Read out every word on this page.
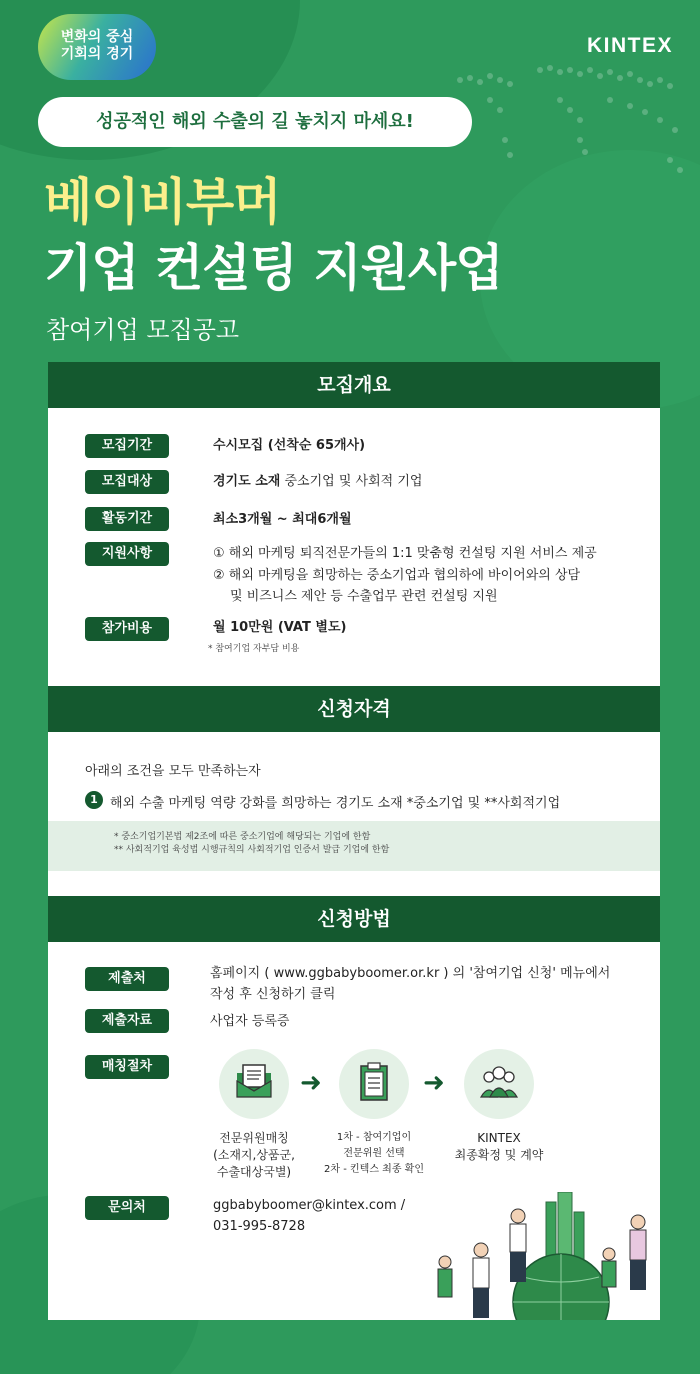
변화의 중심
기회의 경기	KINTEX
성공적인 해외 수출의 길 놓치지 마세요!
베이비부머
기업 컨설팅 지원사업
참여기업 모집공고
모집개요
모집기간	수시모집 (선착순 65개사)
모집대상	경기도 소재 중소기업 및 사회적 기업
활동기간	최소3개월 ~ 최대6개월
지원사항	① 해외 마케팅 퇴직전문가들의 1:1 맞춤형 컨설팅 지원 서비스 제공
② 해외 마케팅을 희망하는 중소기업과 협의하에 바이어와의 상담
및 비즈니스 제안 등 수출업무 관련 컨설팅 지원
참가비용	월 10만원 (VAT 별도)
* 참여기업 자부담 비용
신청자격
아래의 조건을 모두 만족하는자
1 해외 수출 마케팅 역량 강화를 희망하는 경기도 소재 *중소기업 및 **사회적기업
* 중소기업기본법 제2조에 따른 중소기업에 해당되는 기업에 한함
** 사회적기업 육성법 시행규칙의 사회적기업 인증서 발급 기업에 한함
신청방법
제출처	홈페이지 ( www.ggbabyboomer.or.kr ) 의 '참여기업 신청' 메뉴에서
작성 후 신청하기 클릭
제출자료	사업자 등록증
매칭절차
➜	➜
전문위원매칭
(소재지,상품군,
수출대상국별)
1차 - 참여기업이
전문위원 선택
2차 - 킨텍스 최종 확인
KINTEX
최종확정 및 계약
문의처	ggbabyboomer@kintex.com /
031-995-8728
